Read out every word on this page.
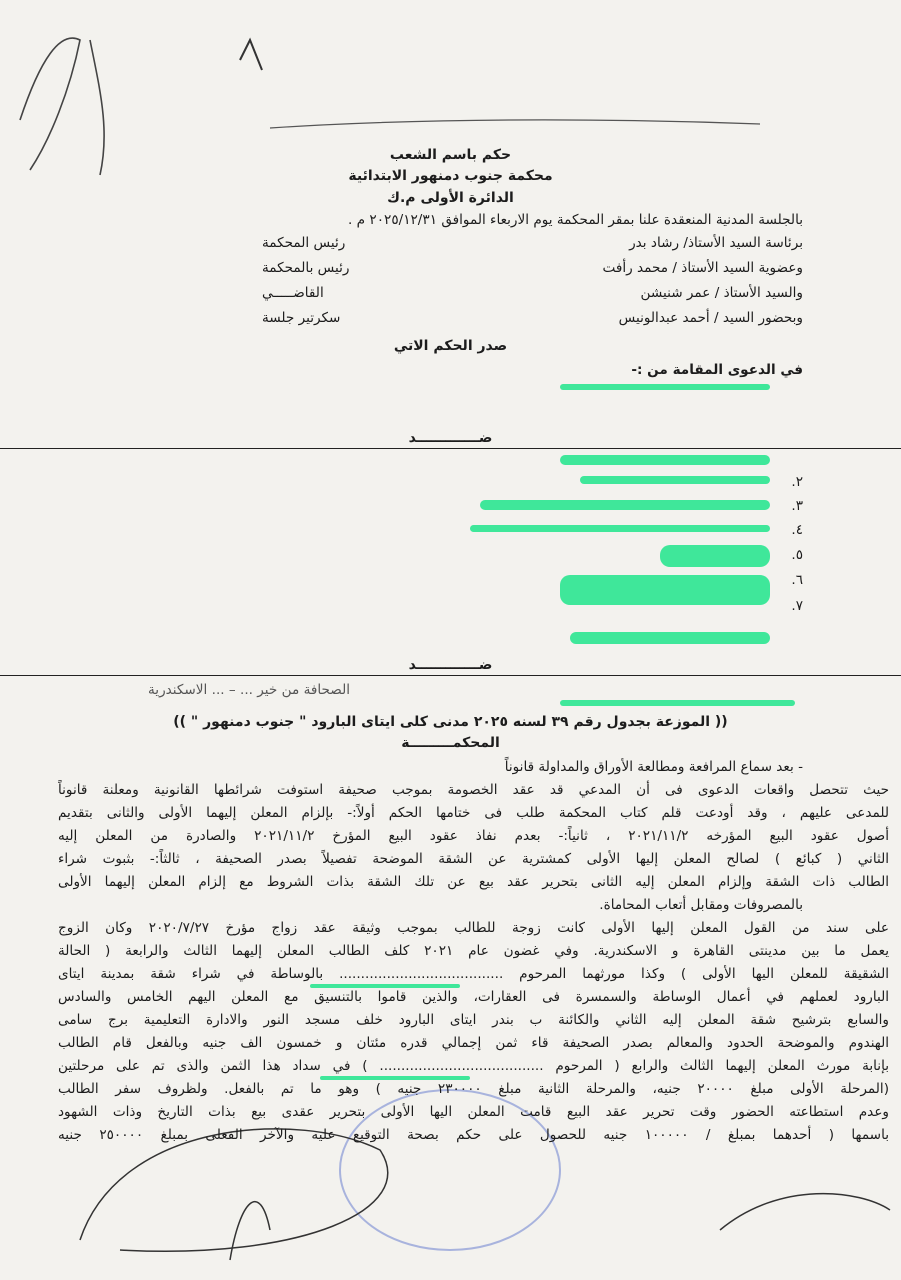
حكم باسم الشعب
محكمة جنوب دمنهور الابتدائية
الدائرة الأولى م.ك
بالجلسة المدنية المنعقدة علنا بمقر المحكمة يوم الاربعاء الموافق ٢٠٢٥/١٢/٣١ م .
برئاسة السيد الأستاذ/ رشاد بدر
رئيس المحكمة
وعضوية السيد الأستاذ / محمد رأفت
رئيس بالمحكمة
والسيد الأستاذ / عمر شنيشن
القاضـــــي
وبحضور السيد / أحمد عبدالونيس
سكرتير جلسة
صدر الحكم الاتي
في الدعوى المقامة من :-
ضـــــــــــــد
٢.
٣.
٤.
٥.
٦.
٧.
ضـــــــــــــد
الصحافة من خير ... – ... الاسكندرية
(( الموزعة بجدول رقم ٣٩ لسنه ٢٠٢٥ مدنى كلى ايتاى البارود " جنوب دمنهور " ))
المحكمـــــــــة
- بعد سماع المرافعة ومطالعة الأوراق والمداولة قانوناً
حيث تتحصل واقعات الدعوى فى أن المدعي قد عقد الخصومة بموجب صحيفة استوفت شرائطها القانونية ومعلنة قانوناً
للمدعى عليهم ، وقد أودعت قلم كتاب المحكمة طلب فى ختامها الحكم أولاً:- بإلزام المعلن إليهما الأولى والثانى بتقديم
أصول عقود البيع المؤرخه ٢٠٢١/١١/٢ ، ثانياً:- بعدم نفاذ عقود البيع المؤرخ ٢٠٢١/١١/٢ والصادرة من المعلن إليه
الثاني ( كبائع ) لصالح المعلن إليها الأولى كمشترية عن الشقة الموضحة تفصيلاً بصدر الصحيفة ، ثالثاً:- بثبوت شراء
الطالب ذات الشقة وإلزام المعلن إليه الثانى بتحرير عقد بيع عن تلك الشقة بذات الشروط مع إلزام المعلن إليهما الأولى
بالمصروفات ومقابل أتعاب المحاماة.
على سند من القول المعلن إليها الأولى كانت زوجة للطالب بموجب وثيقة عقد زواج مؤرخ ٢٠٢٠/٧/٢٧ وكان الزوج
يعمل ما بين مدينتى القاهرة و الاسكندرية. وفي غضون عام ٢٠٢١ كلف الطالب المعلن إليهما الثالث والرابعة ( الحالة
الشقيقة للمعلن اليها الأولى ) وكذا مورثهما المرحوم ...................................... بالوساطة في شراء شقة بمدينة ايتاى
البارود لعملهم في أعمال الوساطة والسمسرة فى العقارات، والذين قاموا بالتنسيق مع المعلن اليهم الخامس والسادس
والسابع بترشيح شقة المعلن إليه الثاني والكائنة ب بندر ايتاى البارود خلف مسجد النور والادارة التعليمية برج سامى
الهندوم والموضحة الحدود والمعالم بصدر الصحيفة قاء ثمن إجمالي قدره مئتان و خمسون الف جنيه وبالفعل قام الطالب
بإنابة مورث المعلن إليهما الثالث والرابع ( المرحوم ...................................... ) في سداد هذا الثمن والذى تم على مرحلتين
(المرحلة الأولى مبلغ ٢٠٠٠٠ جنيه، والمرحلة الثانية مبلغ ٢٣٠٠٠٠ جنيه ) وهو ما تم بالفعل. ولظروف سفر الطالب
وعدم استطاعته الحضور وقت تحرير عقد البيع قامت المعلن اليها الأولى بتحرير عقدى بيع بذات التاريخ وذات الشهود
باسمها ( أحدهما بمبلغ / ١٠٠٠٠٠ جنيه للحصول على حكم بصحة التوقيع عليه والآخر الفعلى بمبلغ ٢٥٠٠٠٠ جنيه
